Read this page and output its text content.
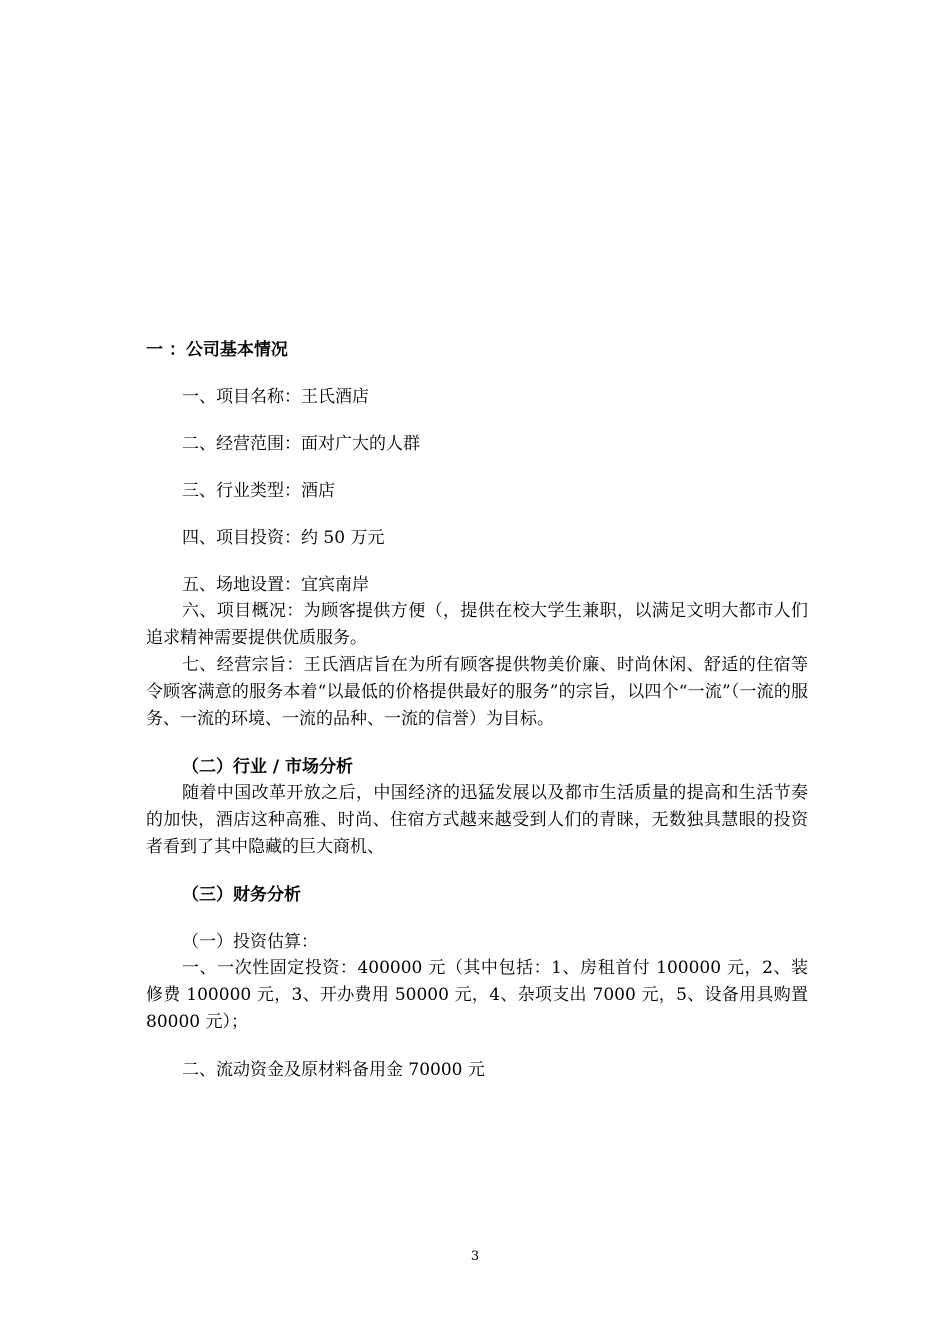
一 ：公司基本情况

一、项目名称：王氏酒店

二、经营范围：面对广大的人群

三、行业类型：酒店

四、项目投资：约 50 万元

五、场地设置：宜宾南岸

六、项目概况：为顾客提供方便（，提供在校大学生兼职，以满足文明大都市人们追求精神需要提供优质服务。

七、经营宗旨：王氏酒店旨在为所有顾客提供物美价廉、时尚休闲、舒适的住宿等令顾客满意的服务本着“以最低的价格提供最好的服务”的宗旨，以四个“一流”（一流的服务、一流的环境、一流的品种、一流的信誉）为目标。

（二）行业 / 市场分析

随着中国改革开放之后，中国经济的迅猛发展以及都市生活质量的提高和生活节奏的加快，酒店这种高雅、时尚、住宿方式越来越受到人们的青睐，无数独具慧眼的投资者看到了其中隐藏的巨大商机、

（三）财务分析

（一）投资估算：

一、一次性固定投资：400000 元（其中包括：1、房租首付 100000 元，2、装修费 100000 元，3、开办费用 50000 元，4、杂项支出 7000 元，5、设备用具购置 80000 元）；

二、流动资金及原材料备用金 70000 元

3
